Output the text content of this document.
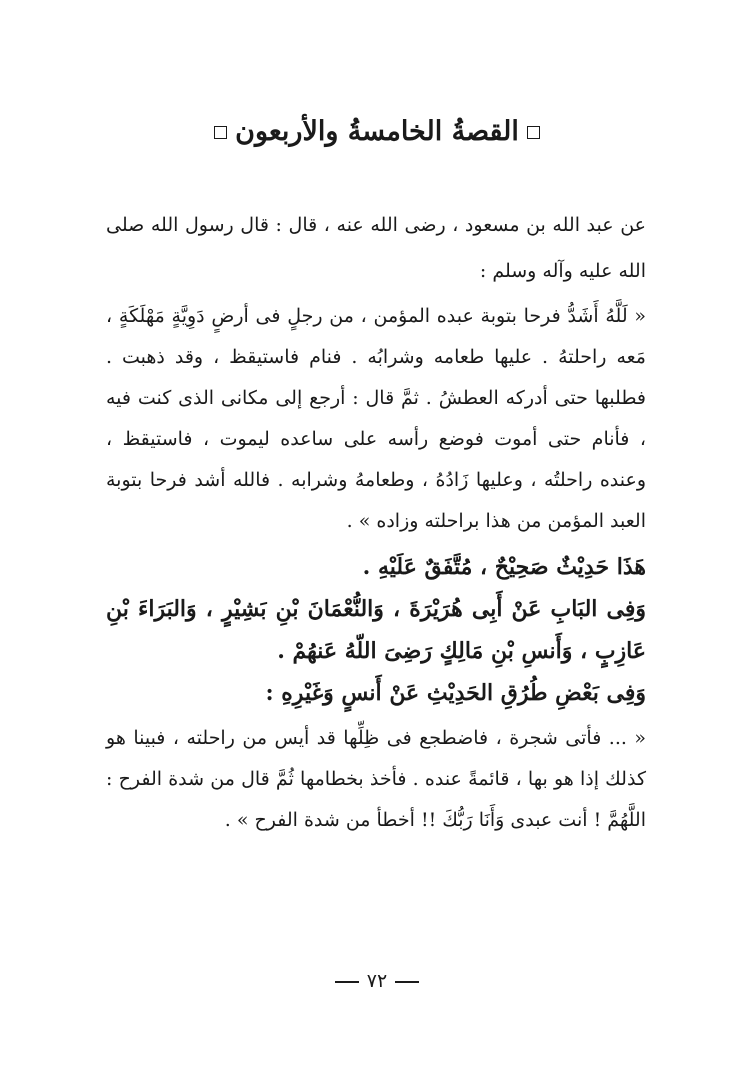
القصةُ الخامسةُ والأربعون
عن عبد الله بن مسعود ، رضى الله عنه ، قال : قال رسول الله صلى الله عليه وآله وسلم :
« لَلَّهُ أَشَدُّ فرحا بتوبة عبده المؤمن ، من رجلٍ فى أرضٍ دَوِيَّةٍ مَهْلَكَةٍ ، مَعه راحلتهُ . عليها طعامه وشرابُه . فنام فاستيقظ ، وقد ذهبت . فطلبها حتى أدركه العطشُ . ثمَّ قال : أرجع إلى مكانى الذى كنت فيه ، فأنام حتى أموت فوضع رأسه على ساعده ليموت ، فاستيقظ ، وعنده راحلتُه ، وعليها زَادُهُ ، وطعامهُ وشرابه . فالله أشد فرحا بتوبة العبد المؤمن من هذا براحلته وزاده » .

هَذَا حَدِيْثٌ صَحِيْحٌ ، مُتَّفَقٌ عَلَيْهِ .

وَفِى البَابِ عَنْ أَبِى هُرَيْرَةَ ، وَالنُّعْمَانَ بْنِ بَشِيْرٍ ، وَالبَرَاءَ بْنِ عَازِبٍ ، وَأَنسِ بْنِ مَالِكٍ رَضِىَ اللّهُ عَنهُمْ .

وَفِى بَعْضِ طُرُقِ الحَدِيْثِ عَنْ أَنسٍ وَغَيْرِهِ :

« ... فأتى شجرة ، فاضطجع فى ظِلِّها قد أيس من راحلته ، فبينا هو كذلك إذا هو بها ، قائمةً عنده . فأخذ بخطامها ثُمَّ قال من شدة الفرح : اللَّهُمَّ ! أنت عبدى وَأَنَا رَبُّكَ !! أخطأ من شدة الفرح » .
٧٢
